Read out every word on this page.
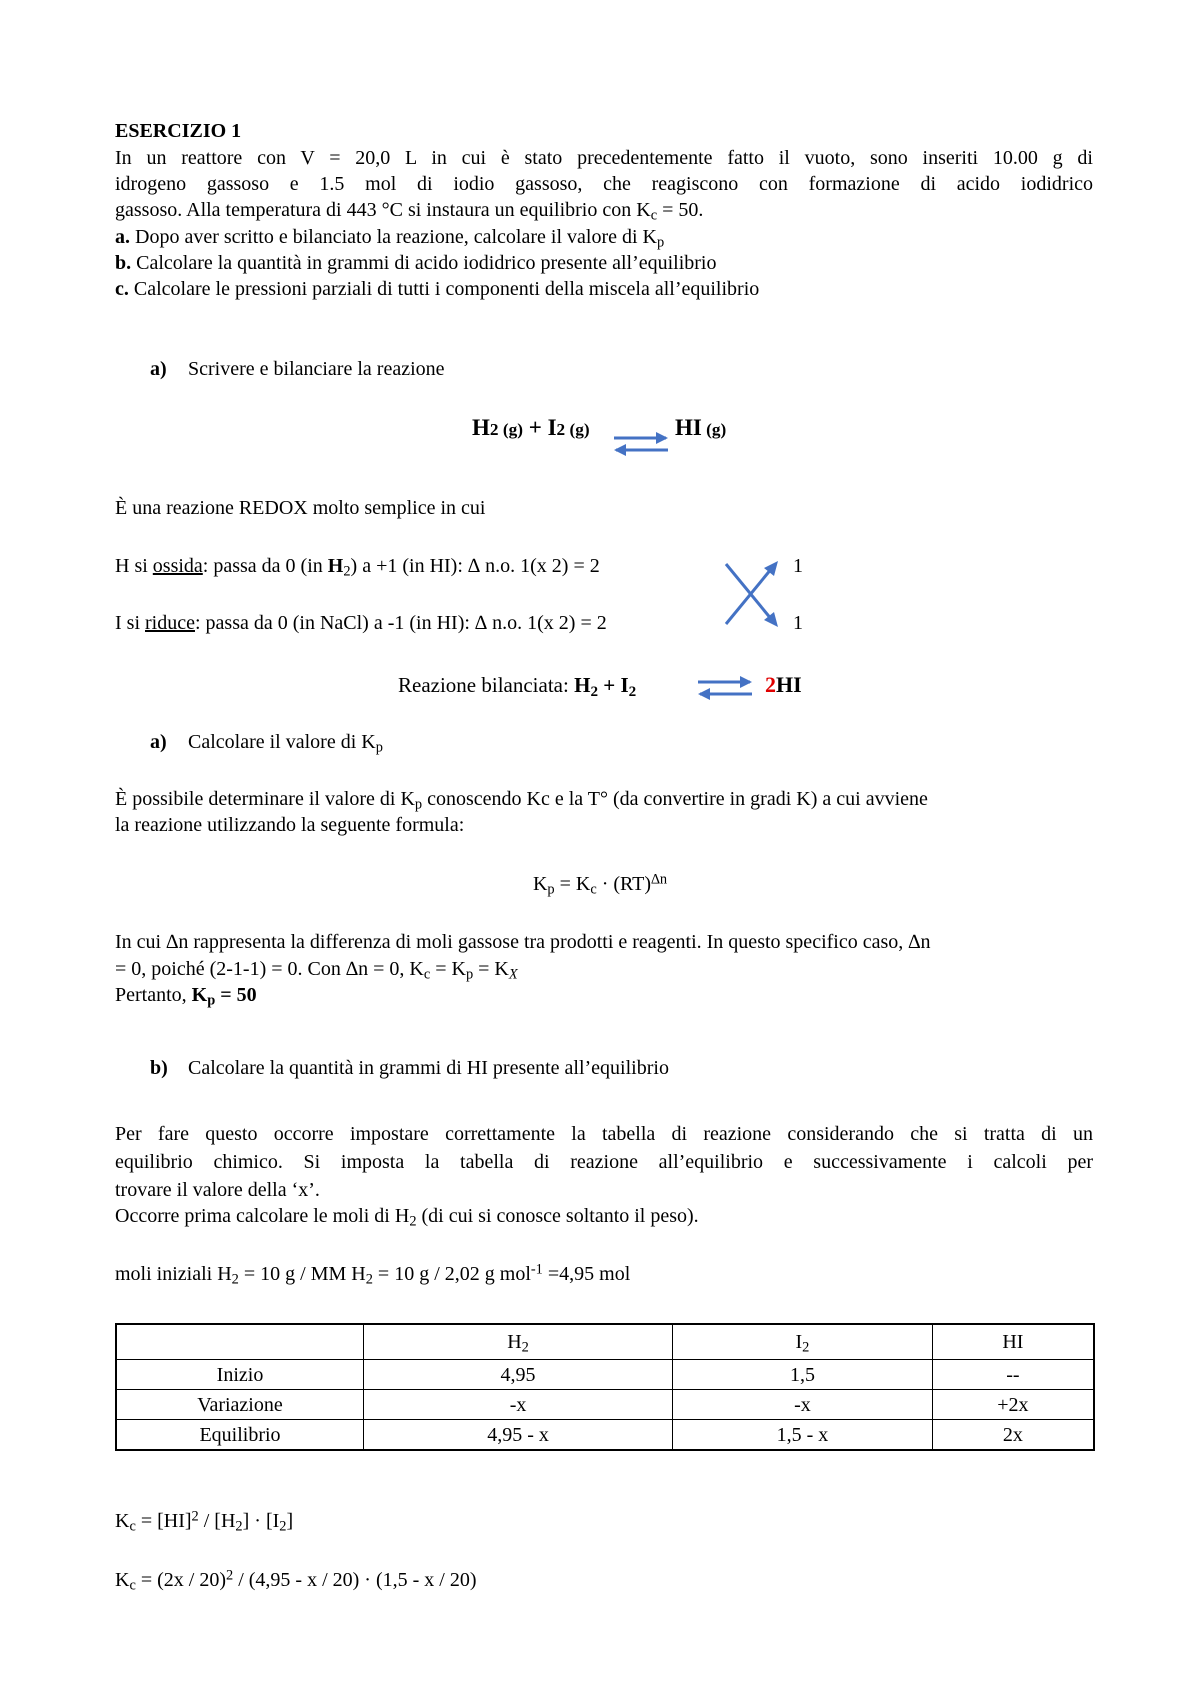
ESERCIZIO 1
In un reattore con V = 20,0 L in cui è stato precedentemente fatto il vuoto, sono inseriti 10.00 g di
idrogeno gassoso e 1.5 mol di iodio gassoso, che reagiscono con formazione di acido iodidrico
gassoso. Alla temperatura di 443 °C si instaura un equilibrio con $K_c = 50$.
a. Dopo aver scritto e bilanciato la reazione, calcolare il valore di $K_p$
b. Calcolare la quantità in grammi di acido iodidrico presente all’equilibrio
c. Calcolare le pressioni parziali di tutti i componenti della miscela all’equilibrio
a) Scrivere e bilanciare la reazione
H2 (g) + I2 (g)	HI (g)
È una reazione REDOX molto semplice in cui
H si ossida: passa da 0 (in $H_2$) a +1 (in HI): ∆ n.o. 1(x 2) = 2	1
I si riduce: passa da 0 (in NaCl) a -1 (in HI): ∆ n.o. 1(x 2) = 2	1
Reazione bilanciata: $H_2 + I_2$	2HI
a) Calcolare il valore di $K_p$
È possibile determinare il valore di $K_p$ conoscendo Kc e la T° (da convertire in gradi K) a cui avviene
la reazione utilizzando la seguente formula:
$K_p = K_c \cdot (RT)^{\Delta n}$
In cui ∆n rappresenta la differenza di moli gassose tra prodotti e reagenti. In questo specifico caso, ∆n
= 0, poiché (2-1-1) = 0. Con ∆n = 0, $K_c = K_p = K_X$
Pertanto, $K_p = 50$
b) Calcolare la quantità in grammi di HI presente all’equilibrio
Per fare questo occorre impostare correttamente la tabella di reazione considerando che si tratta di un
equilibrio chimico. Si imposta la tabella di reazione all’equilibrio e successivamente i calcoli per
trovare il valore della ‘x’.
Occorre prima calcolare le moli di $H_2$ (di cui si conosce soltanto il peso).
moli iniziali $H_2 = 10$ g / MM $H_2 = 10$ g / 2,02 g mol$^{-1}$ =4,95 mol
	$H_2$	$I_2$	HI
Inizio	4,95	1,5	--
Variazione	-x	-x	+2x
Equilibrio	4,95 - x	1,5 - x	2x
$K_c = [HI]^2 / [H_2] \cdot [I_2]$
$K_c = (2x / 20)^2 / (4,95 - x / 20) \cdot (1,5 - x / 20)$
